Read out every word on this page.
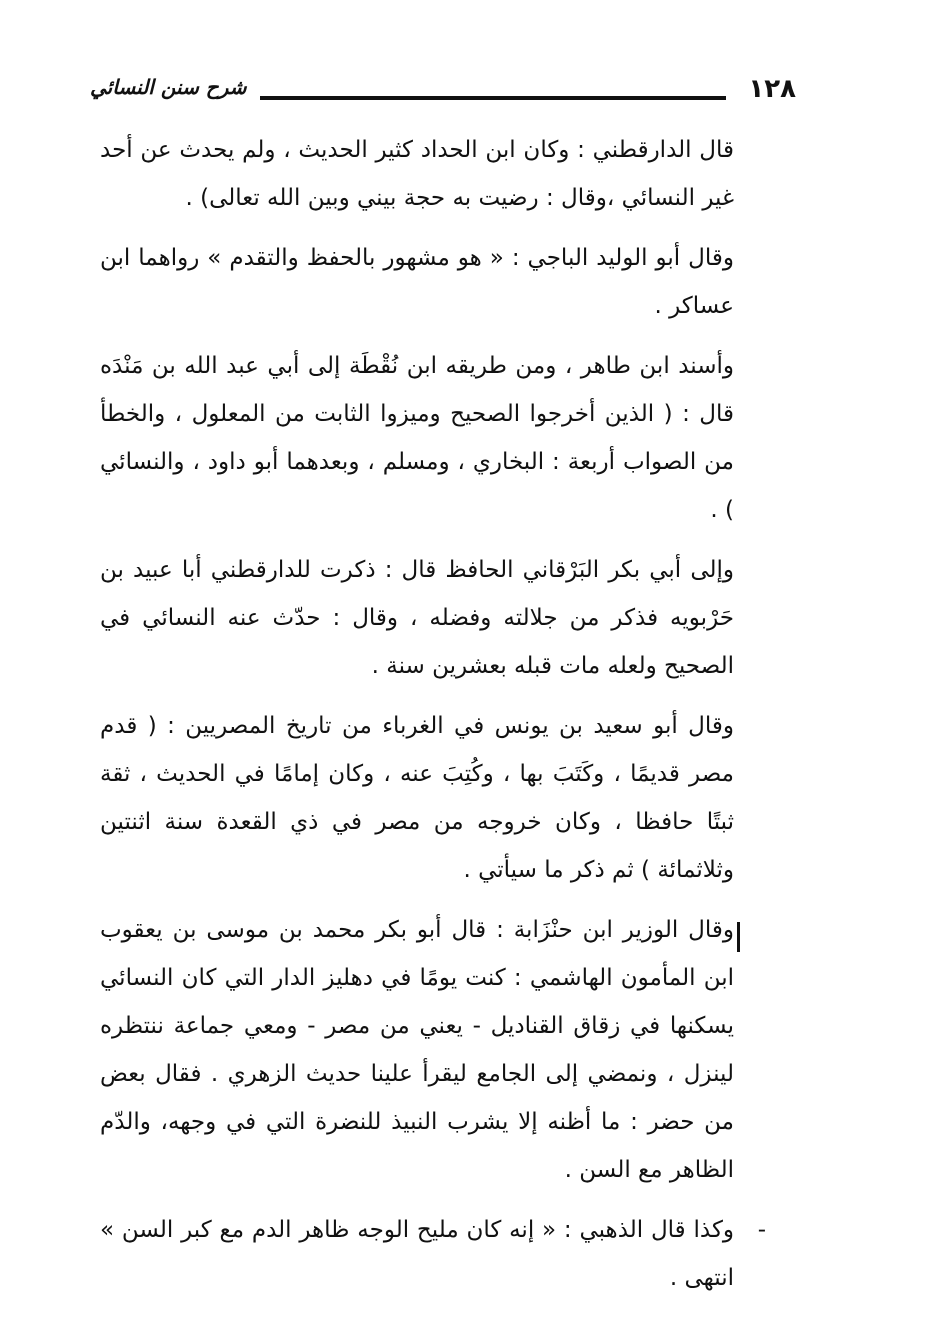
١٢٨
شرح سنن النسائي

قال الدارقطني : وكان ابن الحداد كثير الحديث ، ولم يحدث عن أحد غير النسائي ،وقال : رضيت به حجة بيني وبين الله تعالى) .

وقال أبو الوليد الباجي : « هو مشهور بالحفظ والتقدم » رواهما ابن عساكر .

وأسند ابن طاهر ، ومن طريقه ابن نُقْطَة إلى أبي عبد الله بن مَنْدَه قال : ( الذين أخرجوا الصحيح وميزوا الثابت من المعلول ، والخطأ من الصواب أربعة : البخاري ، ومسلم ، وبعدهما أبو داود ، والنسائي ) .

وإلى أبي بكر البَرْقاني الحافظ قال : ذكرت للدارقطني أبا عبيد بن حَرْبويه فذكر من جلالته وفضله ، وقال : حدّث عنه النسائي في الصحيح ولعله مات قبله بعشرين سنة .

وقال أبو سعيد بن يونس في الغرباء من تاريخ المصريين : ( قدم مصر قديمًا ، وكَتَبَ بها ، وكُتِبَ عنه ، وكان إمامًا في الحديث ، ثقة ثبتًا حافظا ، وكان خروجه من مصر في ذي القعدة سنة اثنتين وثلاثمائة ) ثم ذكر ما سيأتي .

وقال الوزير ابن حنْزَابة : قال أبو بكر محمد بن موسى بن يعقوب ابن المأمون الهاشمي : كنت يومًا في دهليز الدار التي كان النسائي يسكنها في زقاق القناديل - يعني من مصر - ومعي جماعة ننتظره لينزل ، ونمضي إلى الجامع ليقرأ علينا حديث الزهري . فقال بعض من حضر : ما أظنه إلا يشرب النبيذ للنضرة التي في وجهه، والدّم الظاهر مع السن .

-
وكذا قال الذهبي : « إنه كان مليح الوجه ظاهر الدم مع كبر السن » انتهى .
